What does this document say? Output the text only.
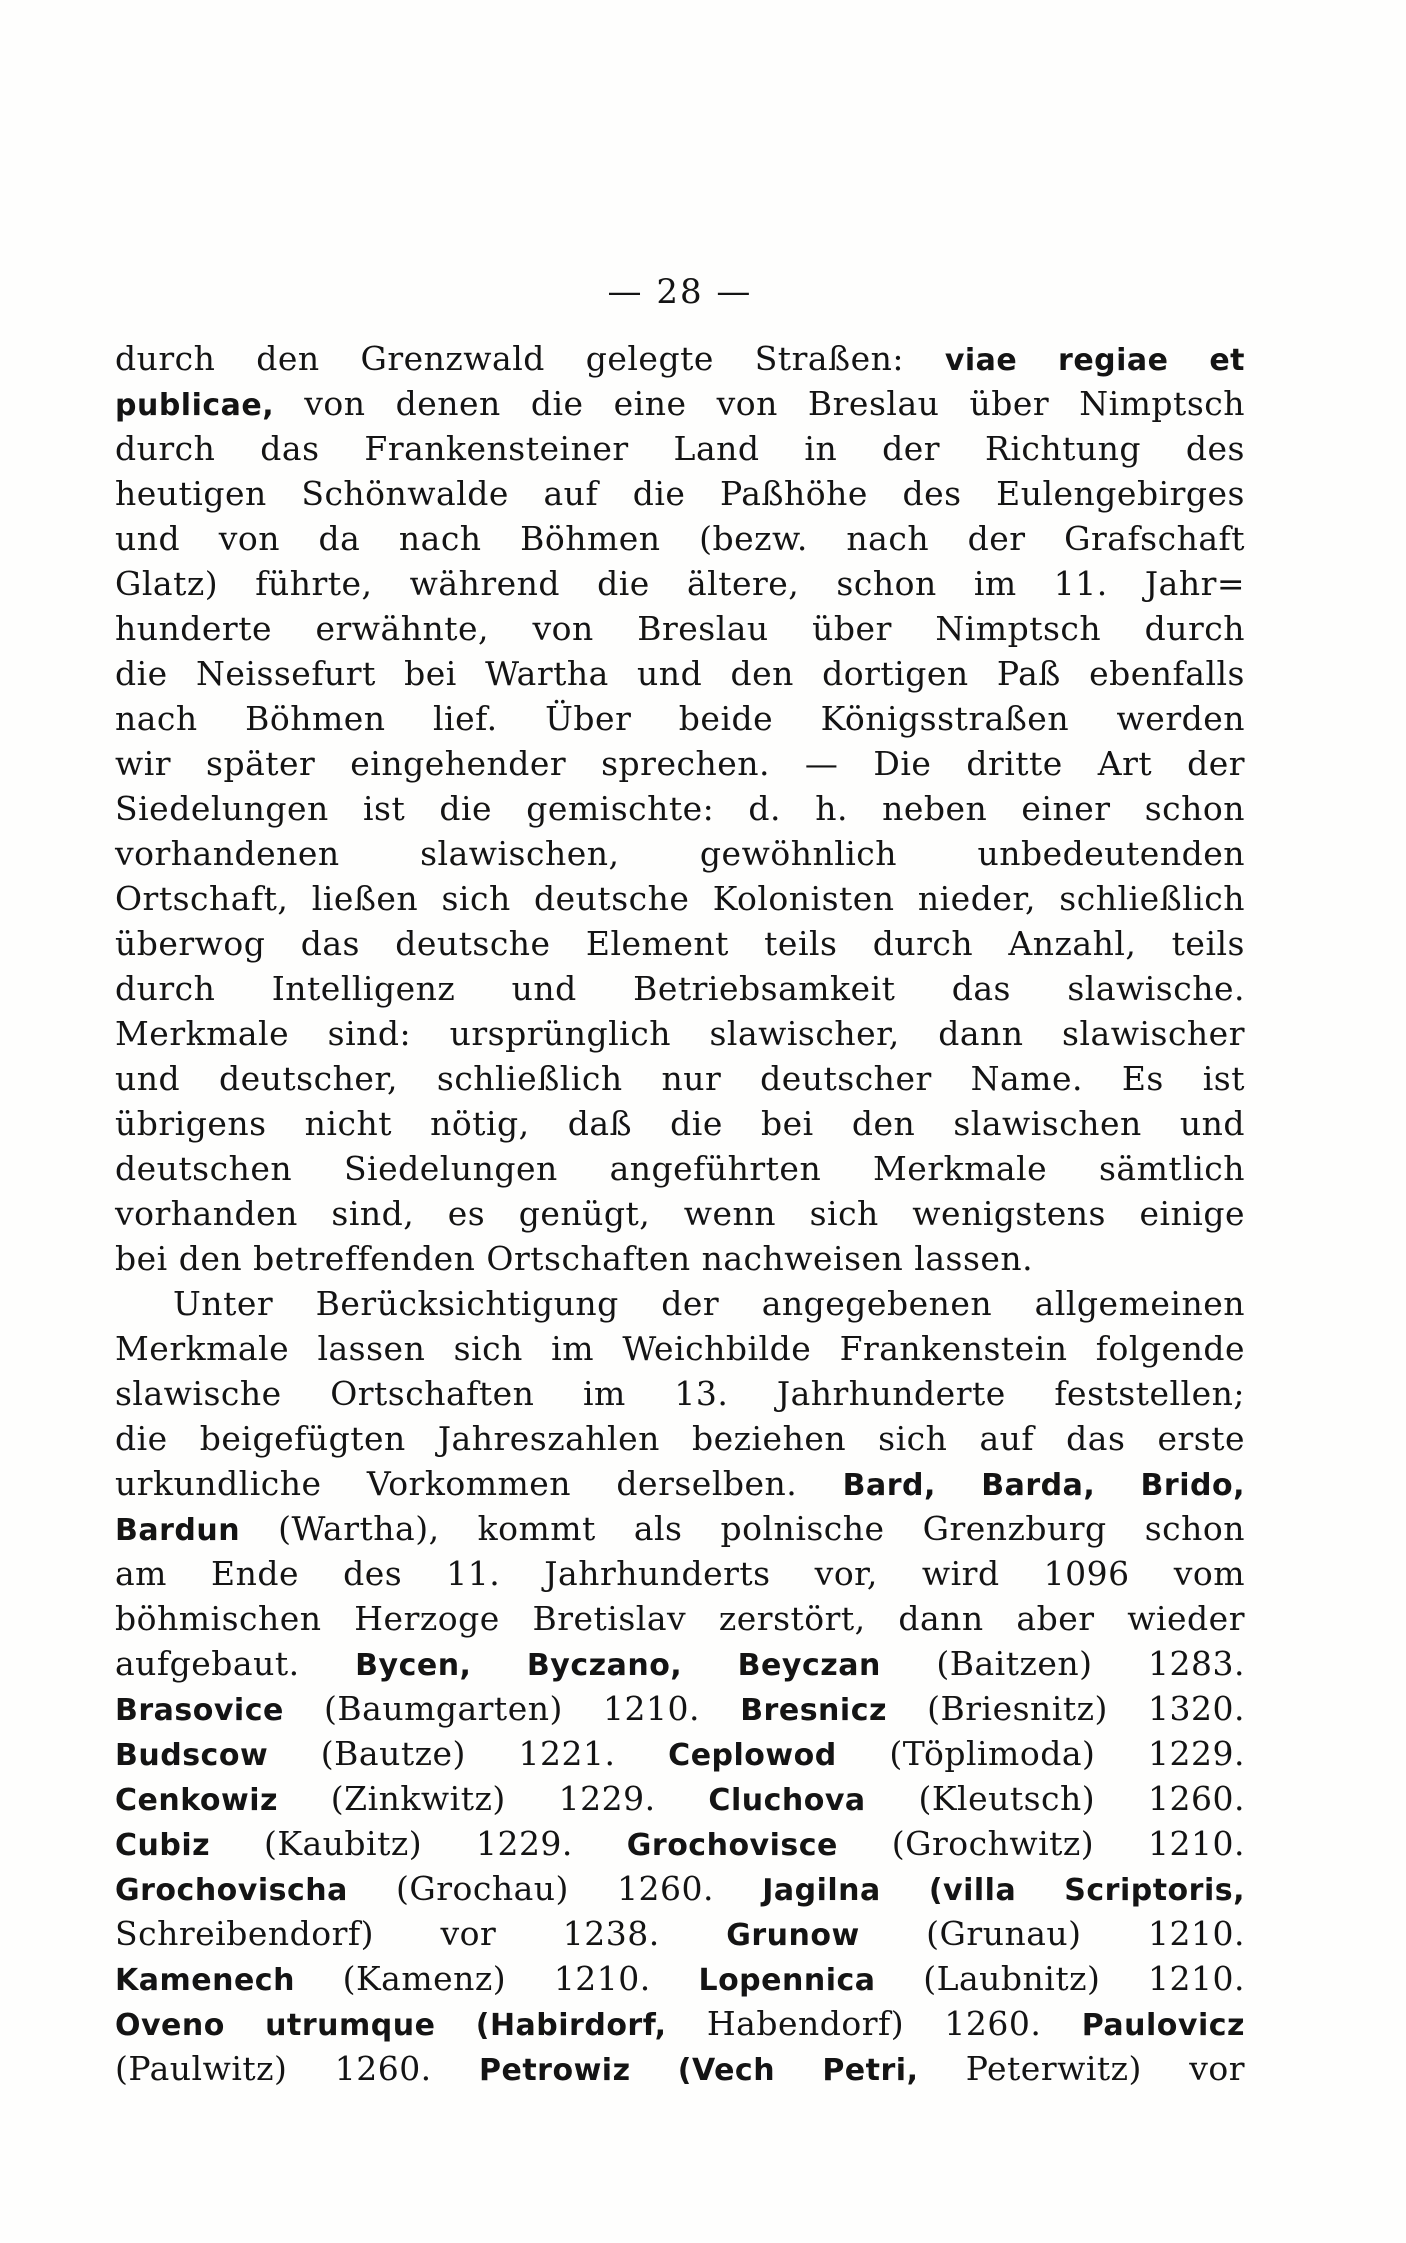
— 28 —
durch den Grenzwald gelegte Straßen: viae regiae et
publicae, von denen die eine von Breslau über Nimptsch
durch das Frankensteiner Land in der Richtung des
heutigen Schönwalde auf die Paßhöhe des Eulengebirges
und von da nach Böhmen (bezw. nach der Grafschaft
Glatz) führte, während die ältere, schon im 11. Jahr=
hunderte erwähnte, von Breslau über Nimptsch durch
die Neissefurt bei Wartha und den dortigen Paß ebenfalls
nach Böhmen lief. Über beide Königsstraßen werden
wir später eingehender sprechen. — Die dritte Art der
Siedelungen ist die gemischte: d. h. neben einer schon
vorhandenen slawischen, gewöhnlich unbedeutenden
Ortschaft, ließen sich deutsche Kolonisten nieder, schließlich
überwog das deutsche Element teils durch Anzahl, teils
durch Intelligenz und Betriebsamkeit das slawische.
Merkmale sind: ursprünglich slawischer, dann slawischer
und deutscher, schließlich nur deutscher Name. Es ist
übrigens nicht nötig, daß die bei den slawischen und
deutschen Siedelungen angeführten Merkmale sämtlich
vorhanden sind, es genügt, wenn sich wenigstens einige
bei den betreffenden Ortschaften nachweisen lassen.
Unter Berücksichtigung der angegebenen allgemeinen
Merkmale lassen sich im Weichbilde Frankenstein folgende
slawische Ortschaften im 13. Jahrhunderte feststellen;
die beigefügten Jahreszahlen beziehen sich auf das erste
urkundliche Vorkommen derselben. Bard, Barda, Brido,
Bardun (Wartha), kommt als polnische Grenzburg schon
am Ende des 11. Jahrhunderts vor, wird 1096 vom
böhmischen Herzoge Bretislav zerstört, dann aber wieder
aufgebaut. Bycen, Byczano, Beyczan (Baitzen) 1283.
Brasovice (Baumgarten) 1210. Bresnicz (Briesnitz) 1320.
Budscow (Bautze) 1221. Ceplowod (Töplimoda) 1229.
Cenkowiz (Zinkwitz) 1229. Cluchova (Kleutsch) 1260.
Cubiz (Kaubitz) 1229. Grochovisce (Grochwitz) 1210.
Grochovischa (Grochau) 1260. Jagilna (villa Scriptoris,
Schreibendorf) vor 1238. Grunow (Grunau) 1210.
Kamenech (Kamenz) 1210. Lopennica (Laubnitz) 1210.
Oveno utrumque (Habirdorf, Habendorf) 1260. Paulovicz
(Paulwitz) 1260. Petrowiz (Vech Petri, Peterwitz) vor
